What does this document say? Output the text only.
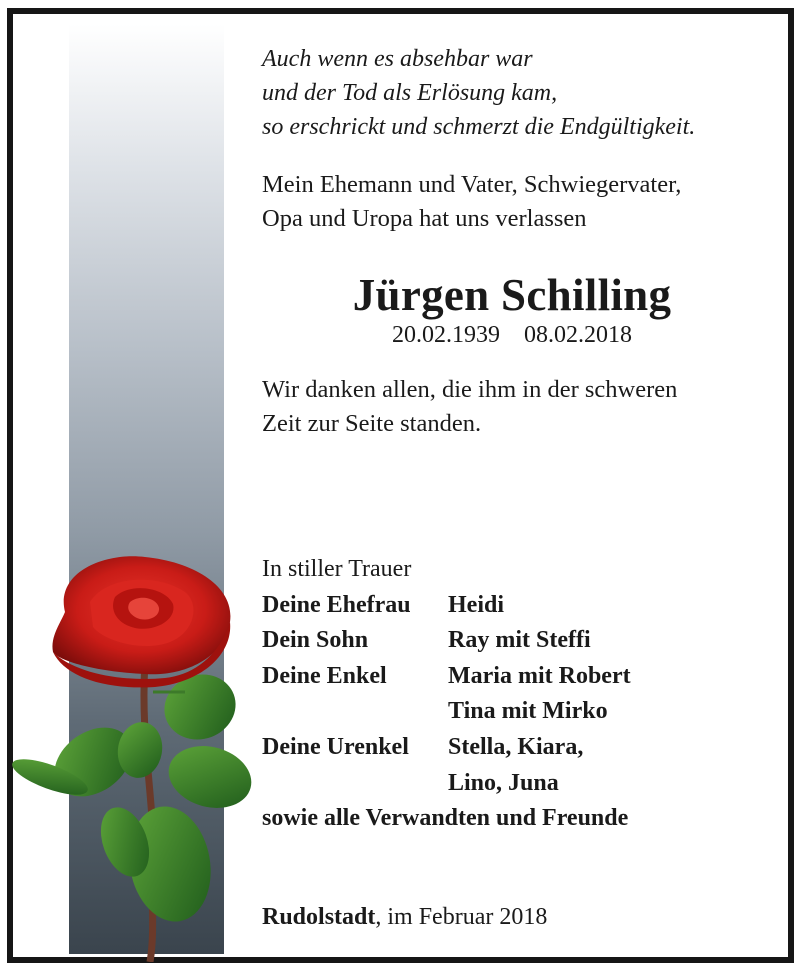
Auch wenn es absehbar war
und der Tod als Erlösung kam,
so erschrickt und schmerzt die Endgültigkeit.
Mein Ehemann und Vater, Schwiegervater,
Opa und Uropa hat uns verlassen
Jürgen Schilling
20.02.1939 08.02.2018
Wir danken allen, die ihm in der schweren
Zeit zur Seite standen.
In stiller Trauer
Deine Ehefrau	Heidi
Dein Sohn	Ray mit Steffi
Deine Enkel	Maria mit Robert
Tina mit Mirko
Deine Urenkel	Stella, Kiara,
Lino, Juna
sowie alle Verwandten und Freunde
Rudolstadt, im Februar 2018
